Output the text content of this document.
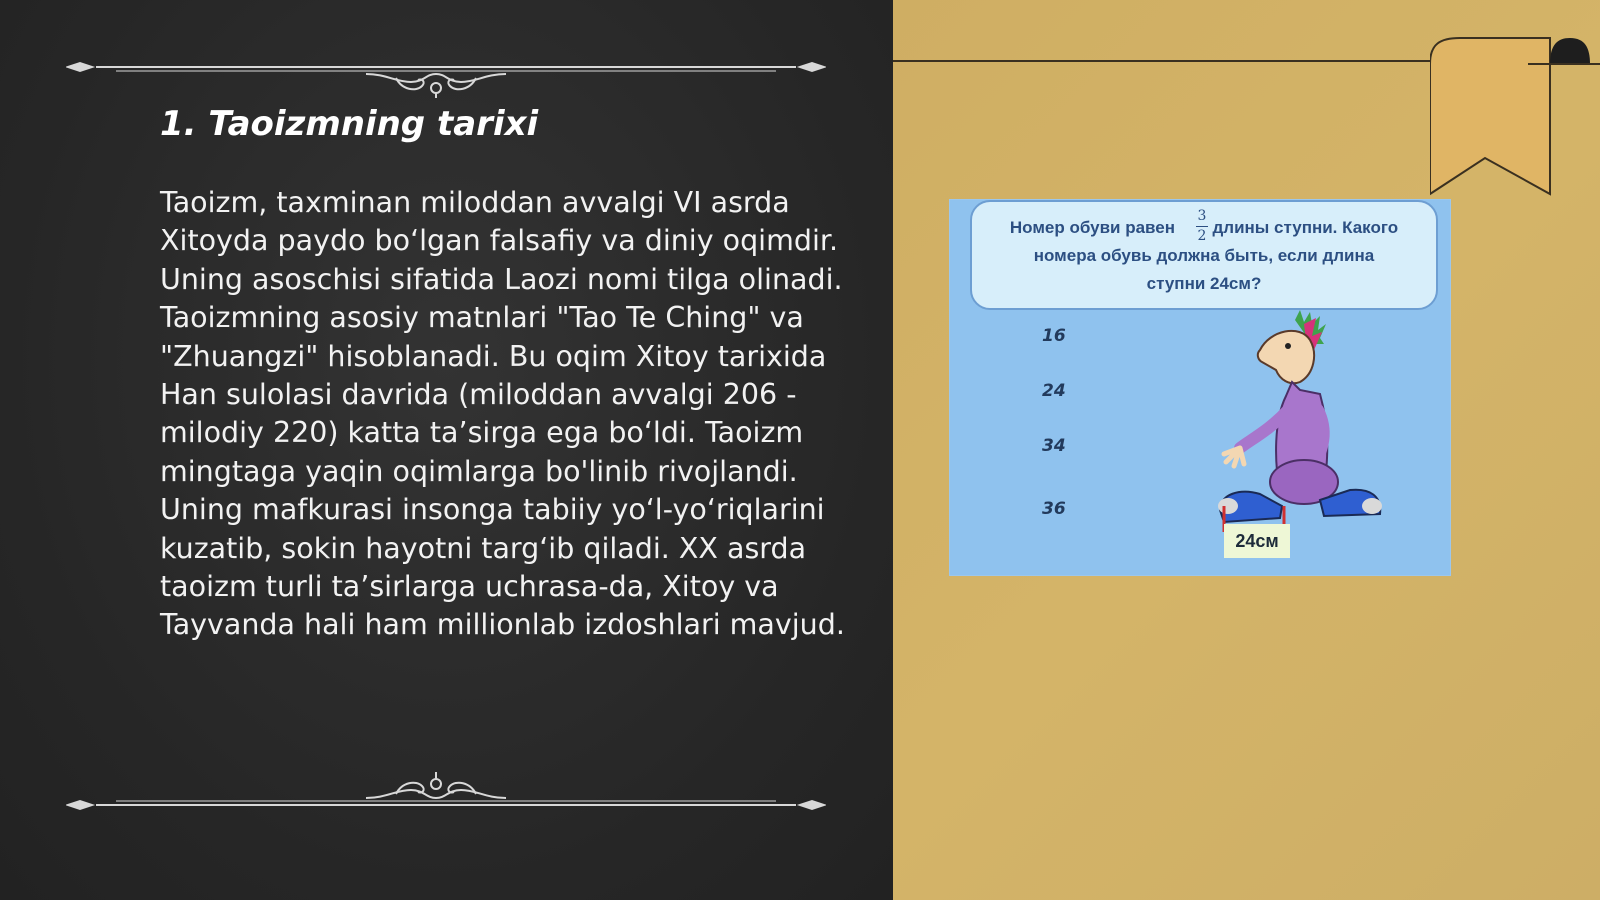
1. Taoizmning tarixi

Taoizm, taxminan miloddan avvalgi VI asrda Xitoyda paydo bo‘lgan falsafiy va diniy oqimdir. Uning asoschisi sifatida Laozi nomi tilga olinadi. Taoizmning asosiy matnlari "Tao Te Ching" va "Zhuangzi" hisoblanadi. Bu oqim Xitoy tarixida Han sulolasi davrida (miloddan avvalgi 206 - milodiy 220) katta ta’sirga ega bo‘ldi. Taoizm mingtaga yaqin oqimlarga bo'linib rivojlandi. Uning mafkurasi insonga tabiiy yo‘l-yo‘riqlarini kuzatib, sokin hayotni targ‘ib qiladi. XX asrda taoizm turli ta’sirlarga uchrasa-da, Xitoy va Tayvanda hali ham millionlab izdoshlari mavjud.

Номер обуви равен длины ступни. Какого
3
2
номера обувь должна быть, если длина
ступни 24см?
16
24
34
36
24см
